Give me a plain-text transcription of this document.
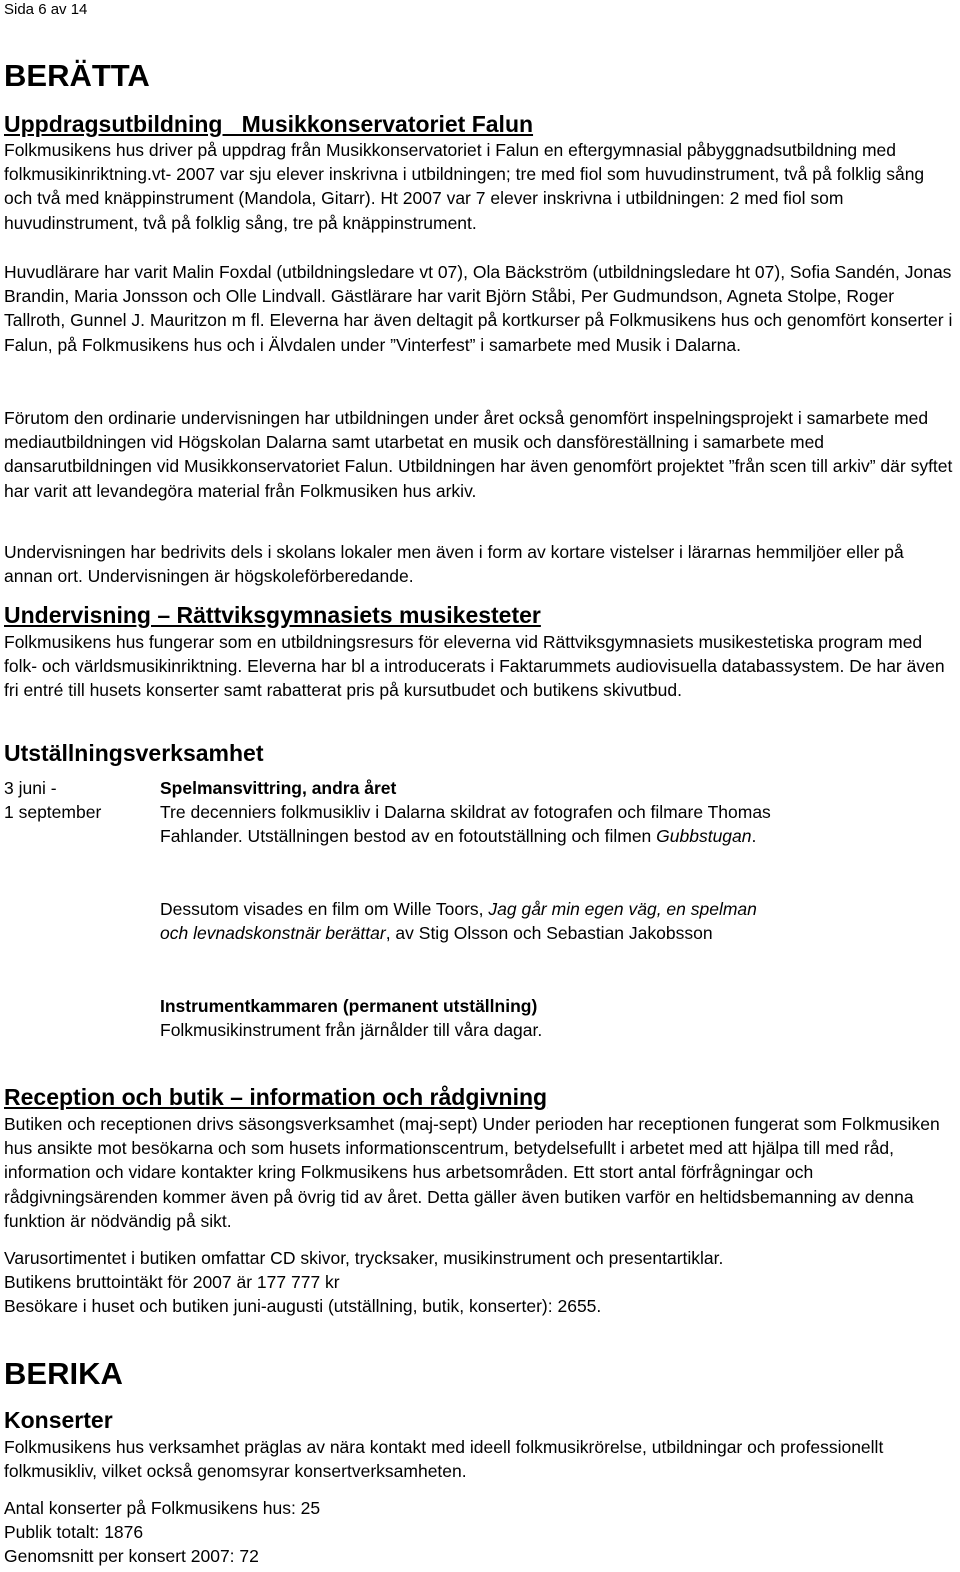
Sida 6 av 14
BERÄTTA
Uppdragsutbildning   Musikkonservatoriet Falun

Folkmusikens hus driver på uppdrag från Musikkonservatoriet i Falun en eftergymnasial påbyggnadsutbildning med folkmusikinriktning.vt- 2007 var sju elever inskrivna i utbildningen; tre med fiol som huvudinstrument, två på folklig sång och två med knäppinstrument (Mandola, Gitarr). Ht 2007 var 7 elever inskrivna i utbildningen: 2 med fiol som huvudinstrument, två på folklig sång, tre på knäppinstrument.

Huvudlärare har varit Malin Foxdal (utbildningsledare vt 07), Ola Bäckström (utbildningsledare ht 07), Sofia Sandén, Jonas Brandin, Maria Jonsson och Olle Lindvall. Gästlärare har varit Björn Ståbi, Per Gudmundson, Agneta Stolpe, Roger Tallroth, Gunnel J. Mauritzon m fl. Eleverna har även deltagit på kortkurser på Folkmusikens hus och genomfört konserter i Falun, på Folkmusikens hus och i Älvdalen under ”Vinterfest” i samarbete med Musik i Dalarna.

Förutom den ordinarie undervisningen har utbildningen under året också genomfört inspelningsprojekt i samarbete med mediautbildningen vid Högskolan Dalarna samt utarbetat en musik och dansföreställning i samarbete med dansarutbildningen vid Musikkonservatoriet Falun. Utbildningen har även genomfört projektet ”från scen till arkiv” där syftet har varit att levandegöra material från Folkmusiken hus arkiv.

Undervisningen har bedrivits dels i skolans lokaler men även i form av kortare vistelser i lärarnas hemmiljöer eller på annan ort. Undervisningen är högskoleförberedande.

Undervisning – Rättviksgymnasiets musikesteter

Folkmusikens hus fungerar som en utbildningsresurs för eleverna vid Rättviksgymnasiets musikestetiska program med folk- och världsmusikinriktning. Eleverna har bl a introducerats i Faktarummets audiovisuella databassystem. De har även fri entré till husets konserter samt rabatterat pris på kursutbudet och butikens skivutbud.

Utställningsverksamhet
3 juni -
1 september
Spelmansvittring, andra året
Tre decenniers folkmusikliv i Dalarna skildrat av fotografen och filmare Thomas Fahlander. Utställningen bestod av en fotoutställning och filmen Gubbstugan.
Dessutom visades en film om Wille Toors, Jag går min egen väg, en spelman och levnadskonstnär berättar, av Stig Olsson och Sebastian Jakobsson
Instrumentkammaren (permanent utställning)
Folkmusikinstrument från järnålder till våra dagar.
Reception och butik – information och rådgivning

Butiken och receptionen drivs säsongsverksamhet (maj-sept) Under perioden har receptionen fungerat som Folkmusiken hus ansikte mot besökarna och som husets informationscentrum, betydelsefullt i arbetet med att hjälpa till med råd, information och vidare kontakter kring Folkmusikens hus arbetsområden. Ett stort antal förfrågningar och rådgivningsärenden kommer även på övrig tid av året. Detta gäller även butiken varför en heltidsbemanning av denna funktion är nödvändig på sikt.

Varusortimentet i butiken omfattar CD skivor, trycksaker, musikinstrument och presentartiklar.

Butikens bruttointäkt för 2007 är 177 777 kr

Besökare i huset och butiken juni-augusti (utställning, butik, konserter): 2655.

BERIKA
Konserter

Folkmusikens hus verksamhet präglas av nära kontakt med ideell folkmusikrörelse, utbildningar och professionellt folkmusikliv, vilket också genomsyrar konsertverksamheten.

Antal konserter på Folkmusikens hus: 25

Publik totalt: 1876

Genomsnitt per konsert 2007: 72
